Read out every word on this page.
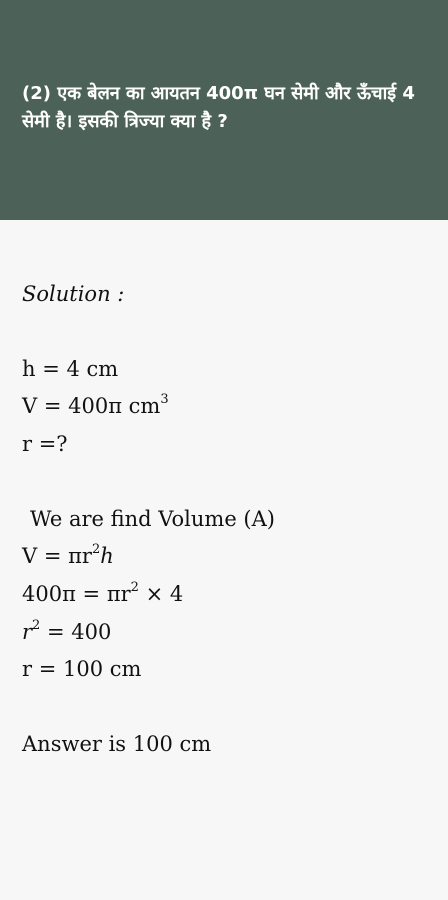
(2) एक बेलन का आयतन 400π घन सेमी और ऊँचाई 4 सेमी है। इसकी त्रिज्या क्या है ?

Solution :

h = 4 cm

V = 400π $cm^3$

r =?

We are find Volume (A)

$V = \pi r^2h$

$400\pi = \pi r^2 \times 4$

$r^2 = 400$

r = 100 cm

Answer is 100 cm
